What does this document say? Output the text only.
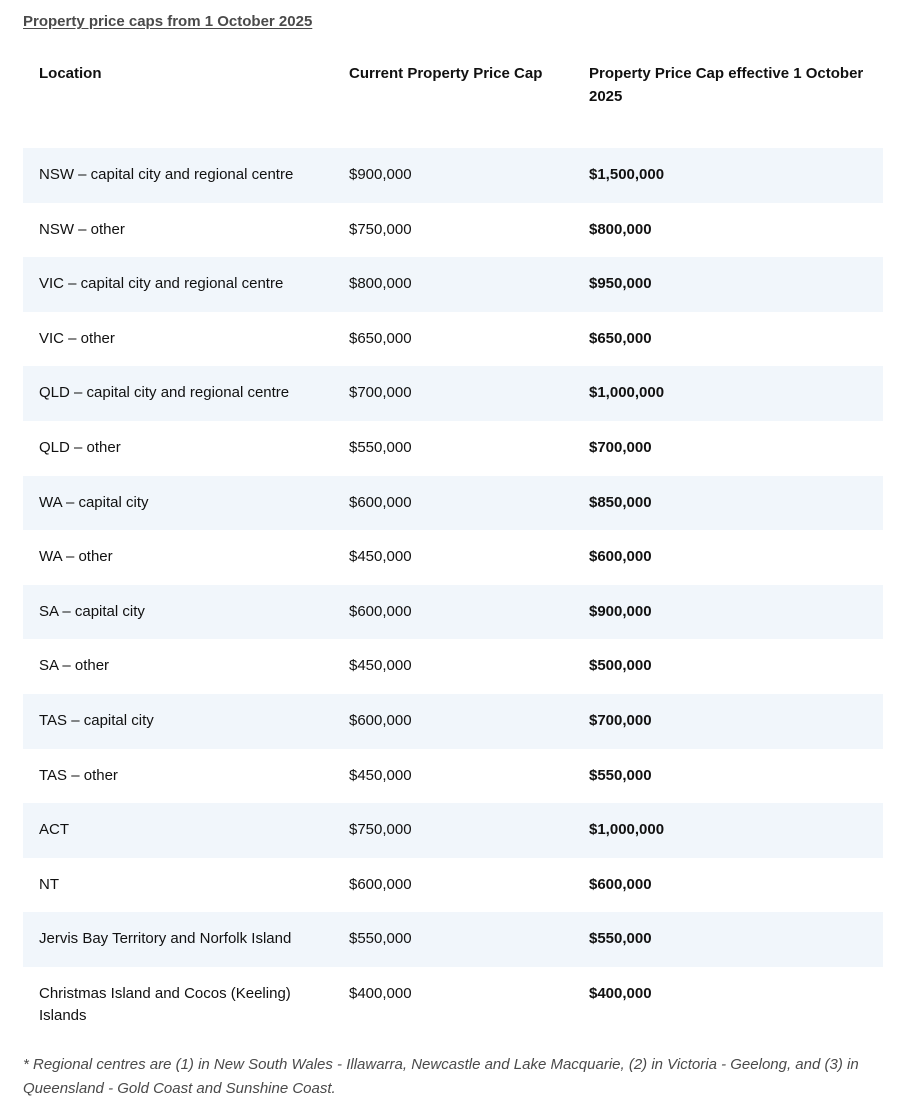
Property price caps from 1 October 2025
Location	Current Property Price Cap	Property Price Cap effective 1 October 2025
NSW – capital city and regional centre	$900,000	$1,500,000
NSW – other	$750,000	$800,000
VIC – capital city and regional centre	$800,000	$950,000
VIC – other	$650,000	$650,000
QLD – capital city and regional centre	$700,000	$1,000,000
QLD – other	$550,000	$700,000
WA – capital city	$600,000	$850,000
WA – other	$450,000	$600,000
SA – capital city	$600,000	$900,000
SA – other	$450,000	$500,000
TAS – capital city	$600,000	$700,000
TAS – other	$450,000	$550,000
ACT	$750,000	$1,000,000
NT	$600,000	$600,000
Jervis Bay Territory and Norfolk Island	$550,000	$550,000
Christmas Island and Cocos (Keeling) Islands	$400,000	$400,000

* Regional centres are (1) in New South Wales - Illawarra, Newcastle and Lake Macquarie, (2) in Victoria - Geelong, and (3) in Queensland - Gold Coast and Sunshine Coast.
